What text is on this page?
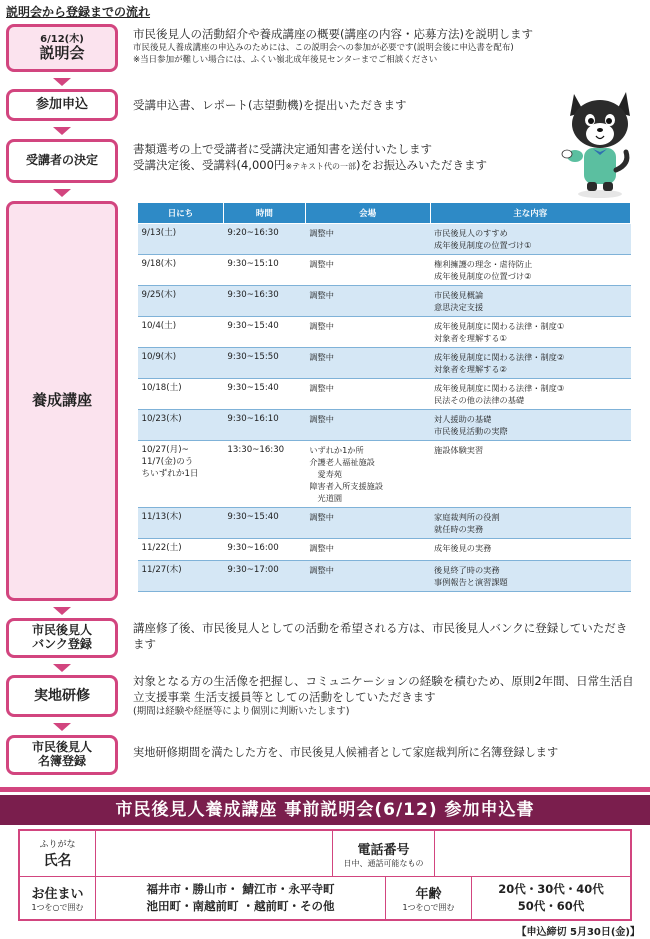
説明会から登録までの流れ
6/12(木)
説明会
市民後見人の活動紹介や養成講座の概要(講座の内容・応募方法)を説明します
市民後見人養成講座の申込みのためには、この説明会への参加が必要です(説明会後に申込書を配布)
※当日参加が難しい場合には、ふくい嶺北成年後見センターまでご相談ください
参加申込	受講申込書、レポート(志望動機)を提出いただきます
受講者の決定
書類選考の上で受講者に受講決定通知書を送付いたします
受講決定後、受講料(4,000円※テキスト代の一部)をお振込みいただきます
養成講座
日にち	時間	会場	主な内容
9/13(土)	9:20~16:30	調整中	市民後見人のすすめ
成年後見制度の位置づけ①
9/18(木)	9:30~15:10	調整中	権利擁護の理念・虐待防止
成年後見制度の位置づけ②
9/25(木)	9:30~16:30	調整中	市民後見概論
意思決定支援
10/4(土)	9:30~15:40	調整中	成年後見制度に関わる法律・制度①
対象者を理解する①
10/9(木)	9:30~15:50	調整中	成年後見制度に関わる法律・制度②
対象者を理解する②
10/18(土)	9:30~15:40	調整中	成年後見制度に関わる法律・制度③
民法その他の法律の基礎
10/23(木)	9:30~16:10	調整中	対人援助の基礎
市民後見活動の実際
10/27(月)~
11/7(金)のう
ちいずれか1日	13:30~16:30	いずれか1か所
介護老人福祉施設
　愛寿苑
障害者入所支援施設
　光道園	施設体験実習
11/13(木)	9:30~15:40	調整中	家庭裁判所の役割
就任時の実務
11/22(土)	9:30~16:00	調整中	成年後見の実務
11/27(木)	9:30~17:00	調整中	後見終了時の実務
事例報告と演習課題
市民後見人
バンク登録
講座修了後、市民後見人としての活動を希望される方は、市民後見人バンクに登録していただきます
実地研修
対象となる方の生活像を把握し、コミュニケーションの経験を積むため、原則2年間、日常生活自立支援事業 生活支援員等としての活動をしていただきます
(期間は経験や経歴等により個別に判断いたします)
市民後見人
名簿登録
実地研修期間を満たした方を、市民後見人候補者として家庭裁判所に名簿登録します
市民後見人養成講座 事前説明会(6/12) 参加申込書
ふりがな
氏名
電話番号
日中、通話可能なもの
お住まい
1つを○で囲む
福井市・勝山市・ 鯖江市・永平寺町
池田町・南越前町 ・越前町・その他
年齢
1つを○で囲む
20代・30代・40代
50代・60代
【申込締切 5月30日(金)】
